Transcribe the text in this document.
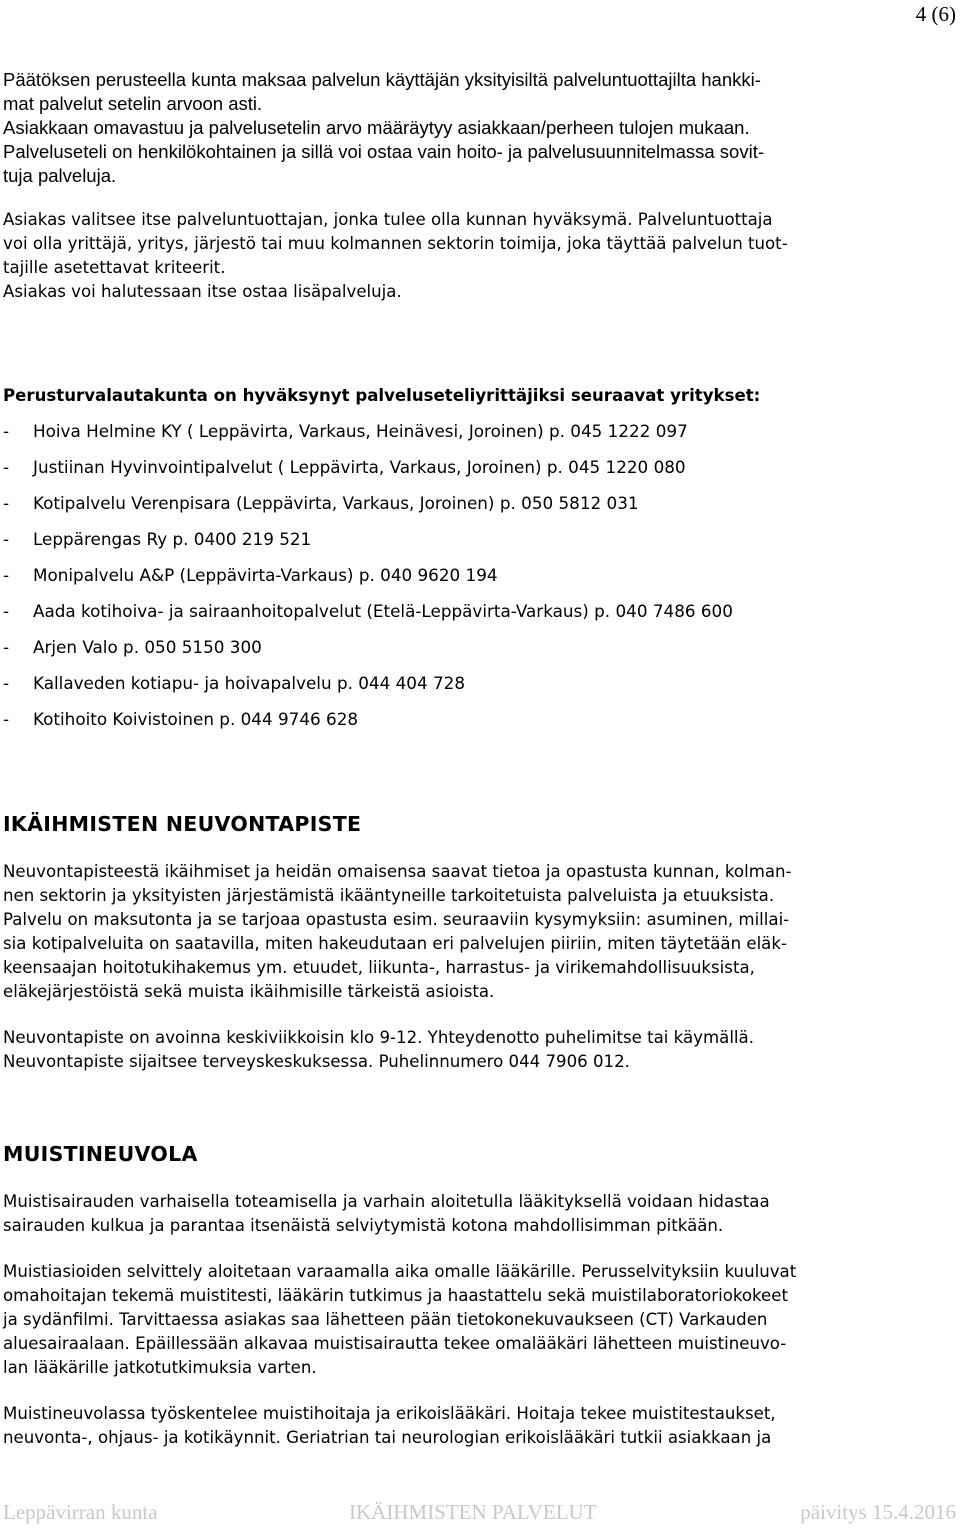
4 (6)
Päätöksen perusteella kunta maksaa palvelun käyttäjän yksityisiltä palveluntuottajilta hankki-
mat palvelut setelin arvoon asti.
Asiakkaan omavastuu ja palvelusetelin arvo määräytyy asiakkaan/perheen tulojen mukaan.
Palveluseteli on henkilökohtainen ja sillä voi ostaa vain hoito- ja palvelusuunnitelmassa sovit-
tuja palveluja.
Asiakas valitsee itse palveluntuottajan, jonka tulee olla kunnan hyväksymä. Palveluntuottaja
voi olla yrittäjä, yritys, järjestö tai muu kolmannen sektorin toimija, joka täyttää palvelun tuot-
tajille asetettavat kriteerit.
Asiakas voi halutessaan itse ostaa lisäpalveluja.
Perusturvalautakunta on hyväksynyt palveluseteliyrittäjiksi seuraavat yritykset:
- Hoiva Helmine KY ( Leppävirta, Varkaus, Heinävesi, Joroinen) p. 045 1222 097
- Justiinan Hyvinvointipalvelut ( Leppävirta, Varkaus, Joroinen) p. 045 1220 080
- Kotipalvelu Verenpisara (Leppävirta, Varkaus, Joroinen) p. 050 5812 031
- Leppärengas Ry p. 0400 219 521
- Monipalvelu A&P (Leppävirta-Varkaus) p. 040 9620 194
- Aada kotihoiva- ja sairaanhoitopalvelut (Etelä-Leppävirta-Varkaus) p. 040 7486 600
- Arjen Valo p. 050 5150 300
- Kallaveden kotiapu- ja hoivapalvelu p. 044 404 728
- Kotihoito Koivistoinen p. 044 9746 628
IKÄIHMISTEN NEUVONTAPISTE
Neuvontapisteestä ikäihmiset ja heidän omaisensa saavat tietoa ja opastusta kunnan, kolman-
nen sektorin ja yksityisten järjestämistä ikääntyneille tarkoitetuista palveluista ja etuuksista.
Palvelu on maksutonta ja se tarjoaa opastusta esim. seuraaviin kysymyksiin: asuminen, millai-
sia kotipalveluita on saatavilla, miten hakeudutaan eri palvelujen piiriin, miten täytetään eläk-
keensaajan hoitotukihakemus ym. etuudet, liikunta-, harrastus- ja virikemahdollisuuksista,
eläkejärjestöistä sekä muista ikäihmisille tärkeistä asioista.
Neuvontapiste on avoinna keskiviikkoisin klo 9-12. Yhteydenotto puhelimitse tai käymällä.
Neuvontapiste sijaitsee terveyskeskuksessa. Puhelinnumero 044 7906 012.
MUISTINEUVOLA
Muistisairauden varhaisella toteamisella ja varhain aloitetulla lääkityksellä voidaan hidastaa
sairauden kulkua ja parantaa itsenäistä selviytymistä kotona mahdollisimman pitkään.
Muistiasioiden selvittely aloitetaan varaamalla aika omalle lääkärille. Perusselvityksiin kuuluvat
omahoitajan tekemä muistitesti, lääkärin tutkimus ja haastattelu sekä muistilaboratoriokokeet
ja sydänfilmi. Tarvittaessa asiakas saa lähetteen pään tietokonekuvaukseen (CT) Varkauden
aluesairaalaan. Epäillessään alkavaa muistisairautta tekee omalääkäri lähetteen muistineuvo-
lan lääkärille jatkotutkimuksia varten.
Muistineuvolassa työskentelee muistihoitaja ja erikoislääkäri. Hoitaja tekee muistitestaukset,
neuvonta-, ohjaus- ja kotikäynnit. Geriatrian tai neurologian erikoislääkäri tutkii asiakkaan ja
Leppävirran kunta	IKÄIHMISTEN PALVELUT	päivitys 15.4.2016
